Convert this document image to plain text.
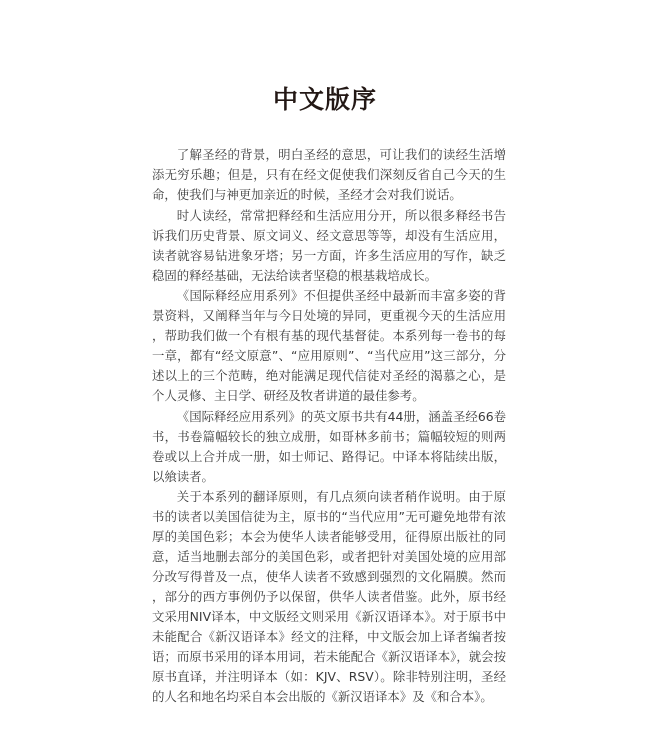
中文版序

了解圣经的背景，明白圣经的意思，可让我们的读经生活增添无穷乐趣；但是，只有在经文促使我们深刻反省自己今天的生命，使我们与神更加亲近的时候，圣经才会对我们说话。

时人读经，常常把释经和生活应用分开，所以很多释经书告诉我们历史背景、原文词义、经文意思等等，却没有生活应用，读者就容易钻进象牙塔；另一方面，许多生活应用的写作，缺乏稳固的释经基础，无法给读者坚稳的根基栽培成长。

《国际释经应用系列》不但提供圣经中最新而丰富多姿的背景资料，又阐释当年与今日处境的异同，更重视今天的生活应用，帮助我们做一个有根有基的现代基督徒。本系列每一卷书的每一章，都有“经文原意”、“应用原则”、“当代应用”这三部分，分述以上的三个范畴，绝对能满足现代信徒对圣经的渴慕之心，是个人灵修、主日学、研经及牧者讲道的最佳参考。

《国际释经应用系列》的英文原书共有44册，涵盖圣经66卷书，书卷篇幅较长的独立成册，如哥林多前书；篇幅较短的则两卷或以上合并成一册，如士师记、路得记。中译本将陆续出版，以飨读者。

关于本系列的翻译原则，有几点须向读者稍作说明。由于原书的读者以美国信徒为主，原书的“当代应用”无可避免地带有浓厚的美国色彩；本会为使华人读者能够受用，征得原出版社的同意，适当地删去部分的美国色彩，或者把针对美国处境的应用部分改写得普及一点，使华人读者不致感到强烈的文化隔膜。然而，部分的西方事例仍予以保留，供华人读者借鉴。此外，原书经文采用NIV译本，中文版经文则采用《新汉语译本》。对于原书中未能配合《新汉语译本》经文的注释，中文版会加上译者编者按语；而原书采用的译本用词，若未能配合《新汉语译本》，就会按原书直译，并注明译本（如：KJV、RSV）。除非特别注明，圣经的人名和地名均采自本会出版的《新汉语译本》及《和合本》。
